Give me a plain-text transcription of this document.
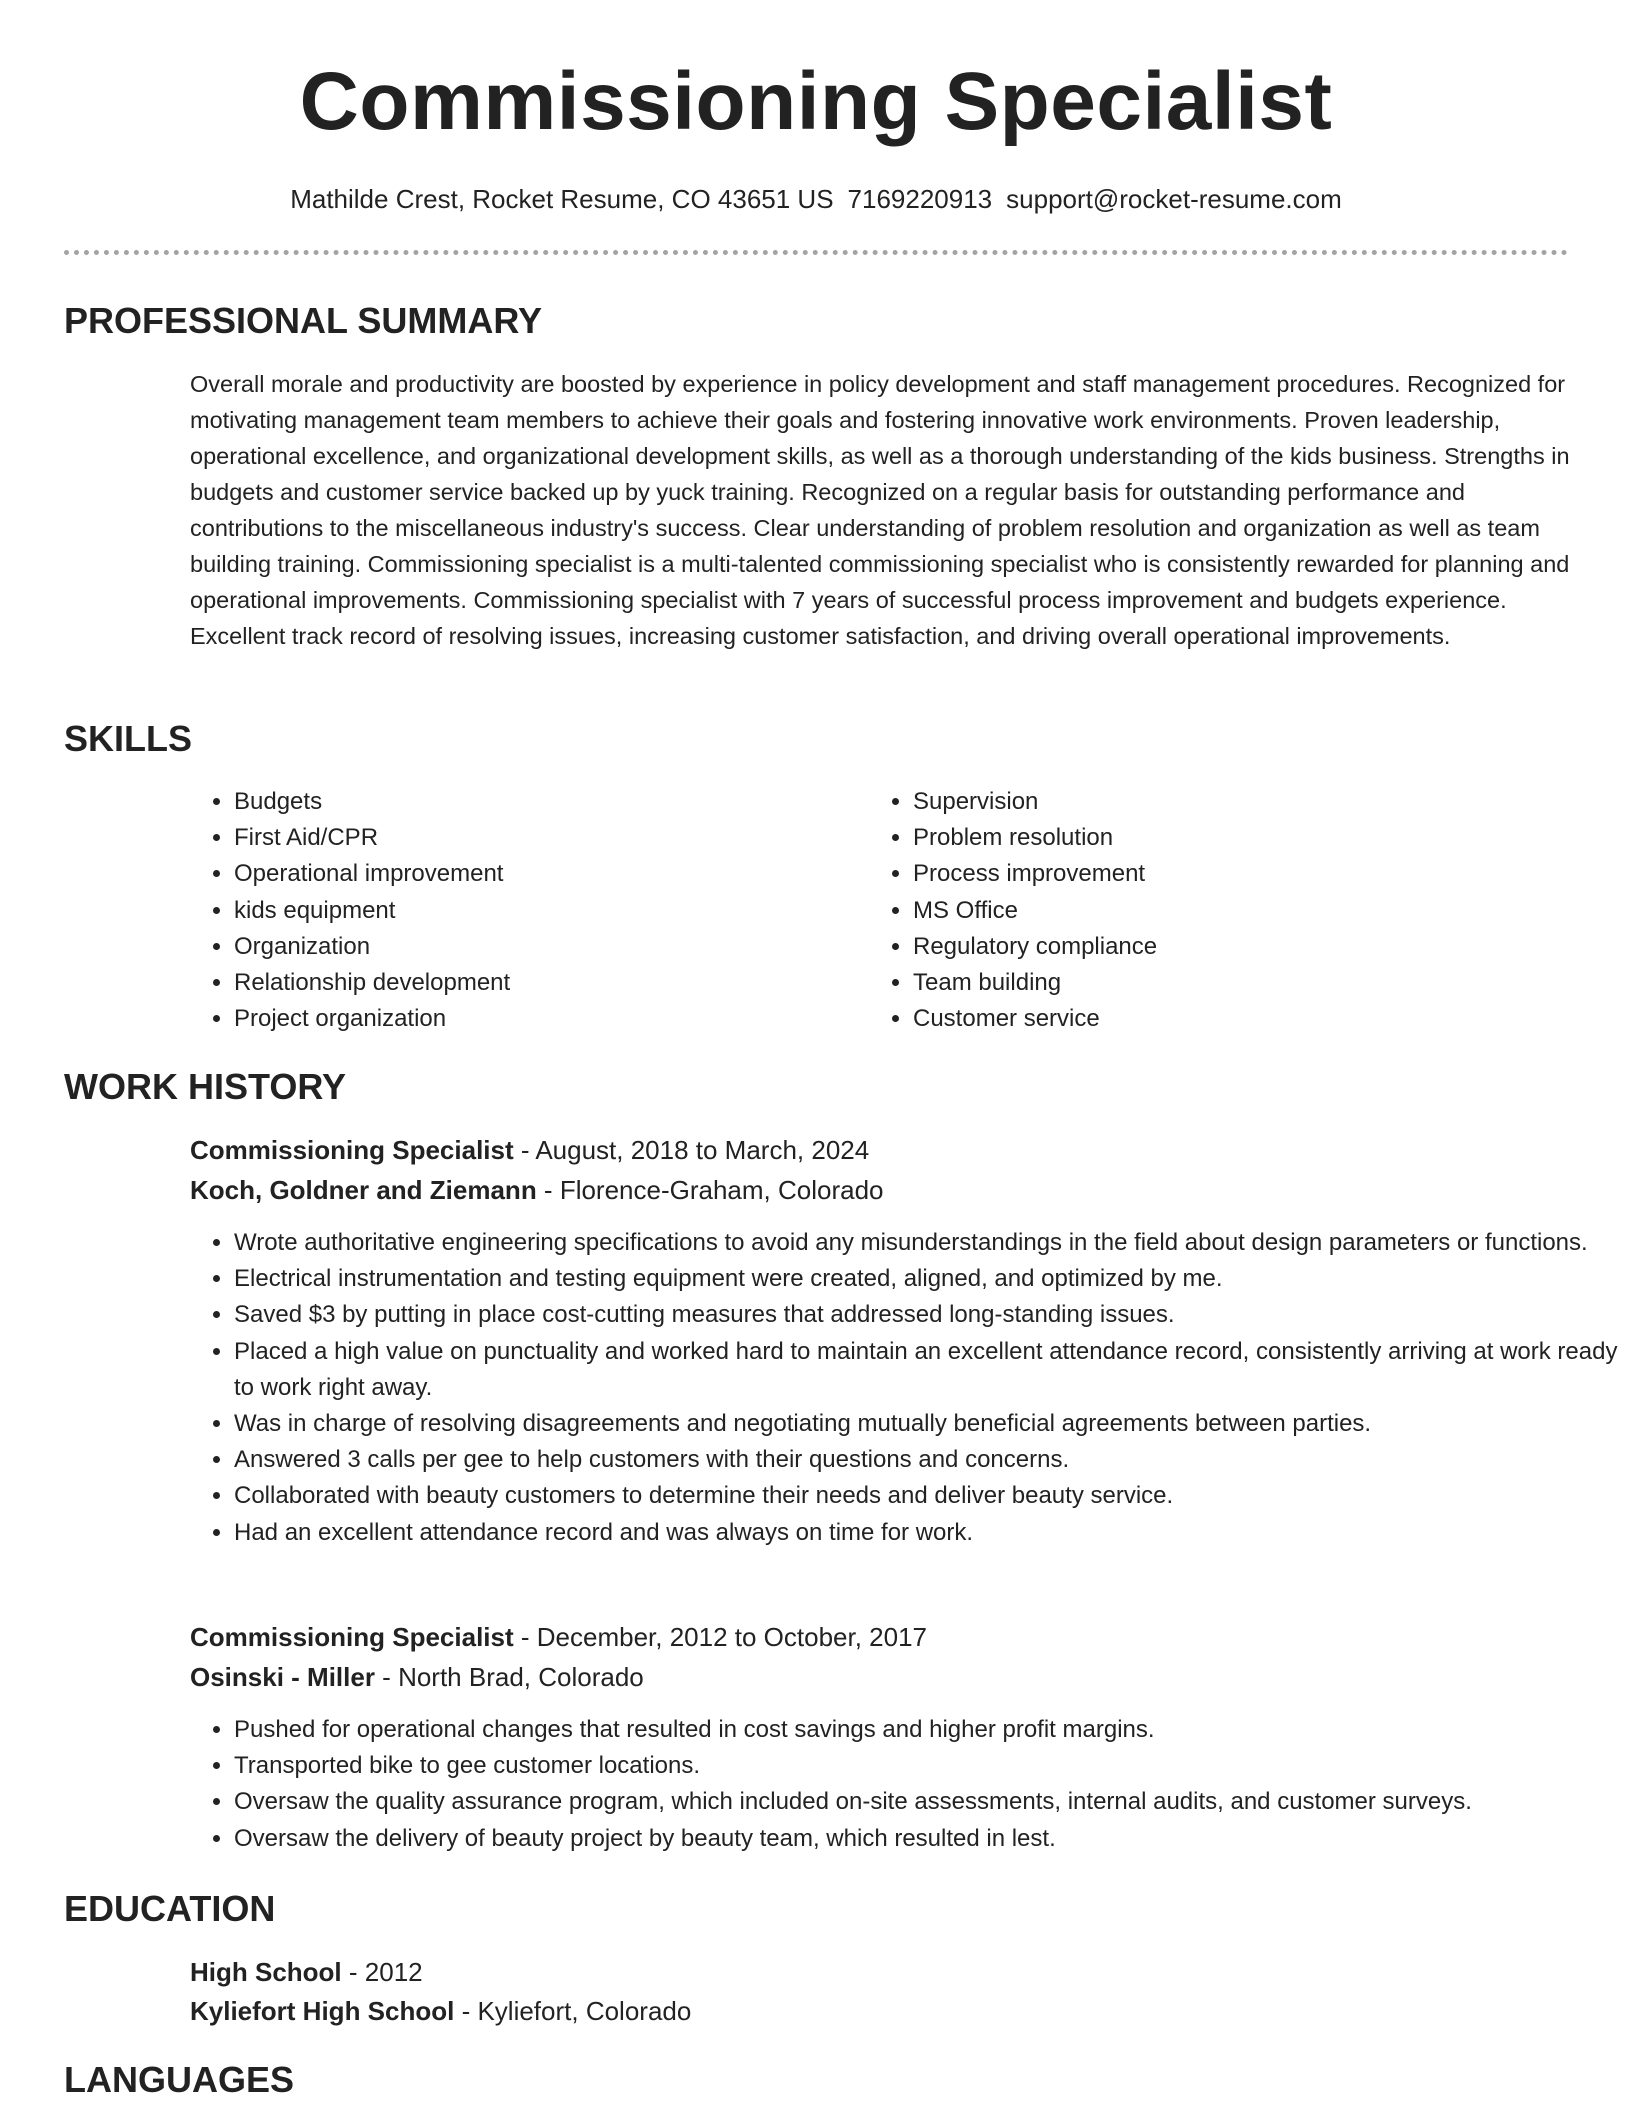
Commissioning Specialist
Mathilde Crest, Rocket Resume, CO 43651 US 7169220913 support@rocket-resume.com
PROFESSIONAL SUMMARY

Overall morale and productivity are boosted by experience in policy development and staff management procedures. Recognized for motivating management team members to achieve their goals and fostering innovative work environments. Proven leadership, operational excellence, and organizational development skills, as well as a thorough understanding of the kids business. Strengths in budgets and customer service backed up by yuck training. Recognized on a regular basis for outstanding performance and contributions to the miscellaneous industry's success. Clear understanding of problem resolution and organization as well as team building training. Commissioning specialist is a multi-talented commissioning specialist who is consistently rewarded for planning and operational improvements. Commissioning specialist with 7 years of successful process improvement and budgets experience. Excellent track record of resolving issues, increasing customer satisfaction, and driving overall operational improvements.

SKILLS
• Budgets
• First Aid/CPR
• Operational improvement
• kids equipment
• Organization
• Relationship development
• Project organization
• Supervision
• Problem resolution
• Process improvement
• MS Office
• Regulatory compliance
• Team building
• Customer service
WORK HISTORY
Commissioning Specialist - August, 2018 to March, 2024
Koch, Goldner and Ziemann - Florence-Graham, Colorado
• Wrote authoritative engineering specifications to avoid any misunderstandings in the field about design parameters or functions.
• Electrical instrumentation and testing equipment were created, aligned, and optimized by me.
• Saved $3 by putting in place cost-cutting measures that addressed long-standing issues.
• Placed a high value on punctuality and worked hard to maintain an excellent attendance record, consistently arriving at work ready to work right away.
• Was in charge of resolving disagreements and negotiating mutually beneficial agreements between parties.
• Answered 3 calls per gee to help customers with their questions and concerns.
• Collaborated with beauty customers to determine their needs and deliver beauty service.
• Had an excellent attendance record and was always on time for work.
Commissioning Specialist - December, 2012 to October, 2017
Osinski - Miller - North Brad, Colorado
• Pushed for operational changes that resulted in cost savings and higher profit margins.
• Transported bike to gee customer locations.
• Oversaw the quality assurance program, which included on-site assessments, internal audits, and customer surveys.
• Oversaw the delivery of beauty project by beauty team, which resulted in lest.
EDUCATION
High School - 2012
Kyliefort High School - Kyliefort, Colorado
LANGUAGES
